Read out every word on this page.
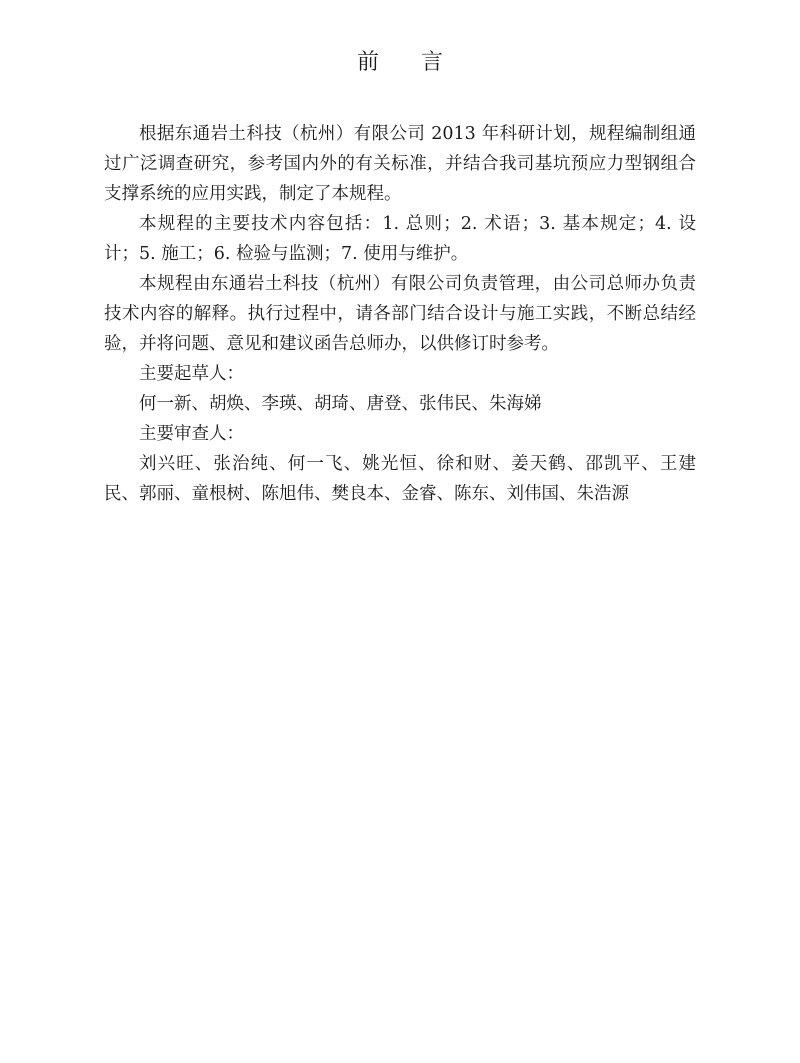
前 言

根据东通岩土科技（杭州）有限公司 2013 年科研计划，规程编制组通过广泛调查研究，参考国内外的有关标准，并结合我司基坑预应力型钢组合支撑系统的应用实践，制定了本规程。

本规程的主要技术内容包括：1. 总则；2. 术语；3. 基本规定；4. 设计；5. 施工；6. 检验与监测；7. 使用与维护。

本规程由东通岩土科技（杭州）有限公司负责管理，由公司总师办负责技术内容的解释。执行过程中，请各部门结合设计与施工实践，不断总结经验，并将问题、意见和建议函告总师办，以供修订时参考。

主要起草人：

何一新、胡焕、李瑛、胡琦、唐登、张伟民、朱海娣

主要审查人：

刘兴旺、张治纯、何一飞、姚光恒、徐和财、姜天鹤、邵凯平、王建民、郭丽、童根树、陈旭伟、樊良本、金睿、陈东、刘伟国、朱浩源
